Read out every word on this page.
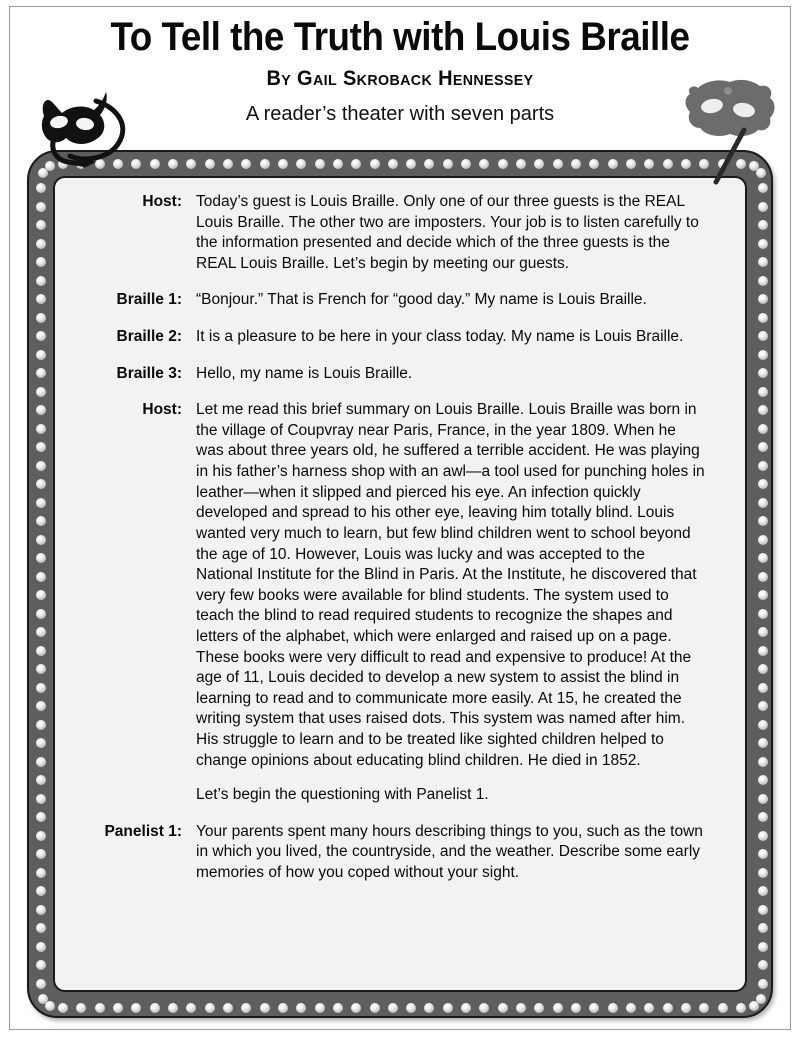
To Tell the Truth with Louis Braille
By Gail Skroback Hennessey
A reader’s theater with seven parts
Host: Today’s guest is Louis Braille. Only one of our three guests is the REAL Louis Braille. The other two are imposters. Your job is to listen carefully to the information presented and decide which of the three guests is the REAL Louis Braille. Let’s begin by meeting our guests.
Braille 1: “Bonjour.” That is French for “good day.” My name is Louis Braille.
Braille 2: It is a pleasure to be here in your class today. My name is Louis Braille.
Braille 3: Hello, my name is Louis Braille.
Host: Let me read this brief summary on Louis Braille. Louis Braille was born in the village of Coupvray near Paris, France, in the year 1809. When he was about three years old, he suffered a terrible accident. He was playing in his father’s harness shop with an awl—a tool used for punching holes in leather—when it slipped and pierced his eye. An infection quickly developed and spread to his other eye, leaving him totally blind. Louis wanted very much to learn, but few blind children went to school beyond the age of 10. However, Louis was lucky and was accepted to the National Institute for the Blind in Paris. At the Institute, he discovered that very few books were available for blind students. The system used to teach the blind to read required students to recognize the shapes and letters of the alphabet, which were enlarged and raised up on a page. These books were very difficult to read and expensive to produce! At the age of 11, Louis decided to develop a new system to assist the blind in learning to read and to communicate more easily. At 15, he created the writing system that uses raised dots. This system was named after him. His struggle to learn and to be treated like sighted children helped to change opinions about educating blind children. He died in 1852.
Let’s begin the questioning with Panelist 1.
Panelist 1: Your parents spent many hours describing things to you, such as the town in which you lived, the countryside, and the weather. Describe some early memories of how you coped without your sight.
